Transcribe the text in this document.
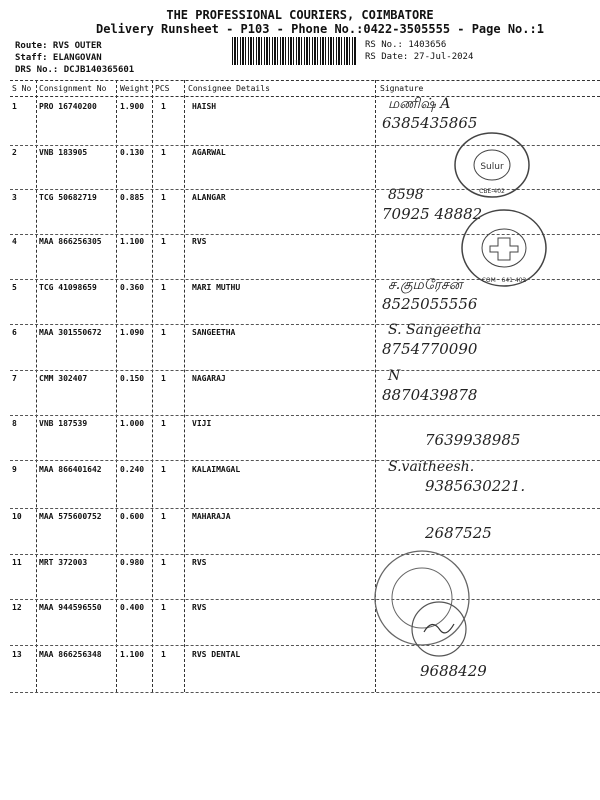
THE PROFESSIONAL COURIERS, COIMBATORE
Delivery Runsheet - P103 - Phone No.:0422-3505555 - Page No.:1
Route: RVS OUTER
Staff: ELANGOVAN
DRS No.: DCJB140365601
RS No.: 1403656
RS Date: 27-Jul-2024
S No Consignment No Weight PCS Consignee Details	Signature
1	PRO 16740200	1.900 1	HAISH	மணிஷ் A
6385435865
2	VNB 183905	0.130 1	AGARWAL
3	TCG 50682719	0.885 1	ALANGAR	8598
70925 48882
4	MAA 866256305 1.100 1	RVS
5	TCG 41098659	0.360 1	MARI MUTHU	ச.குமரேசன்
8525055556
6	MAA 301550672 1.090 1	SANGEETHA	S. Sangeetha
8754770090
7	CMM 302407	0.150 1	NAGARAJ	N
8870439878
8	VNB 187539	1.000 1	VIJI
7639938985
9	MAA 866401642 0.240 1	KALAIMAGAL	S.vaitheesh.
9385630221.
10 MAA 575600752 0.600 1	MAHARAJA
2687525
11 MRT 372003	0.980 1	RVS
12 MAA 944596550 0.400 1	RVS
13 MAA 866256348 1.100 1	RVS DENTAL
9688429
Sulur
CBE-402
COM · 641 402
